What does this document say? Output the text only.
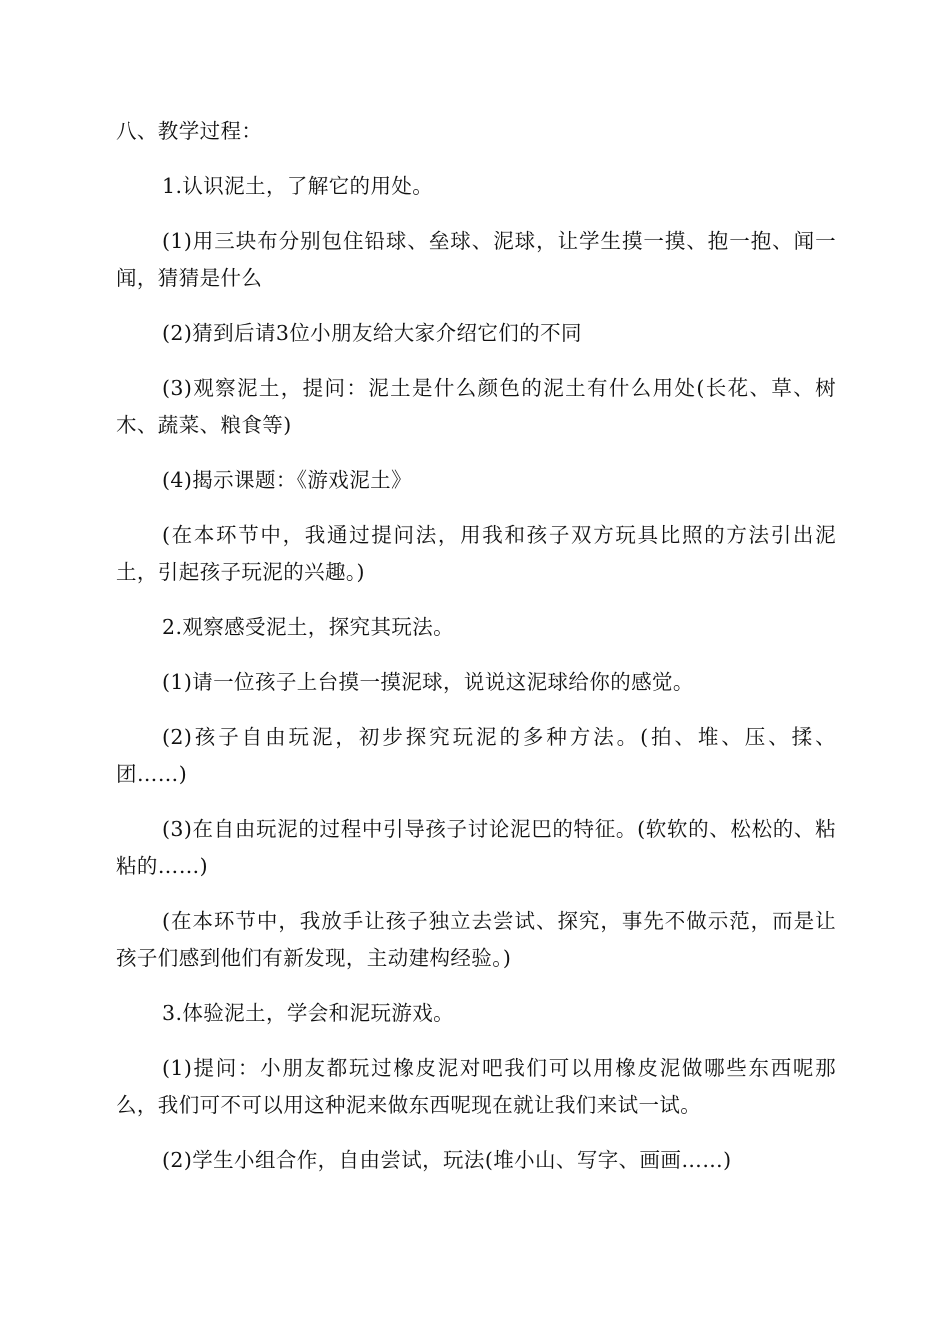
八、教学过程：

1.认识泥土，了解它的用处。

(1)用三块布分别包住铅球、垒球、泥球，让学生摸一摸、抱一抱、闻一闻，猜猜是什么

(2)猜到后请3位小朋友给大家介绍它们的不同

(3)观察泥土，提问：泥土是什么颜色的泥土有什么用处(长花、草、树木、蔬菜、粮食等)

(4)揭示课题：《游戏泥土》

(在本环节中，我通过提问法，用我和孩子双方玩具比照的方法引出泥土，引起孩子玩泥的兴趣。)

2.观察感受泥土，探究其玩法。

(1)请一位孩子上台摸一摸泥球，说说这泥球给你的感觉。

(2)孩子自由玩泥，初步探究玩泥的多种方法。(拍、堆、压、揉、团……)

(3)在自由玩泥的过程中引导孩子讨论泥巴的特征。(软软的、松松的、粘粘的……)

(在本环节中，我放手让孩子独立去尝试、探究，事先不做示范，而是让孩子们感到他们有新发现，主动建构经验。)

3.体验泥土，学会和泥玩游戏。

(1)提问：小朋友都玩过橡皮泥对吧我们可以用橡皮泥做哪些东西呢那么，我们可不可以用这种泥来做东西呢现在就让我们来试一试。

(2)学生小组合作，自由尝试，玩法(堆小山、写字、画画……)
